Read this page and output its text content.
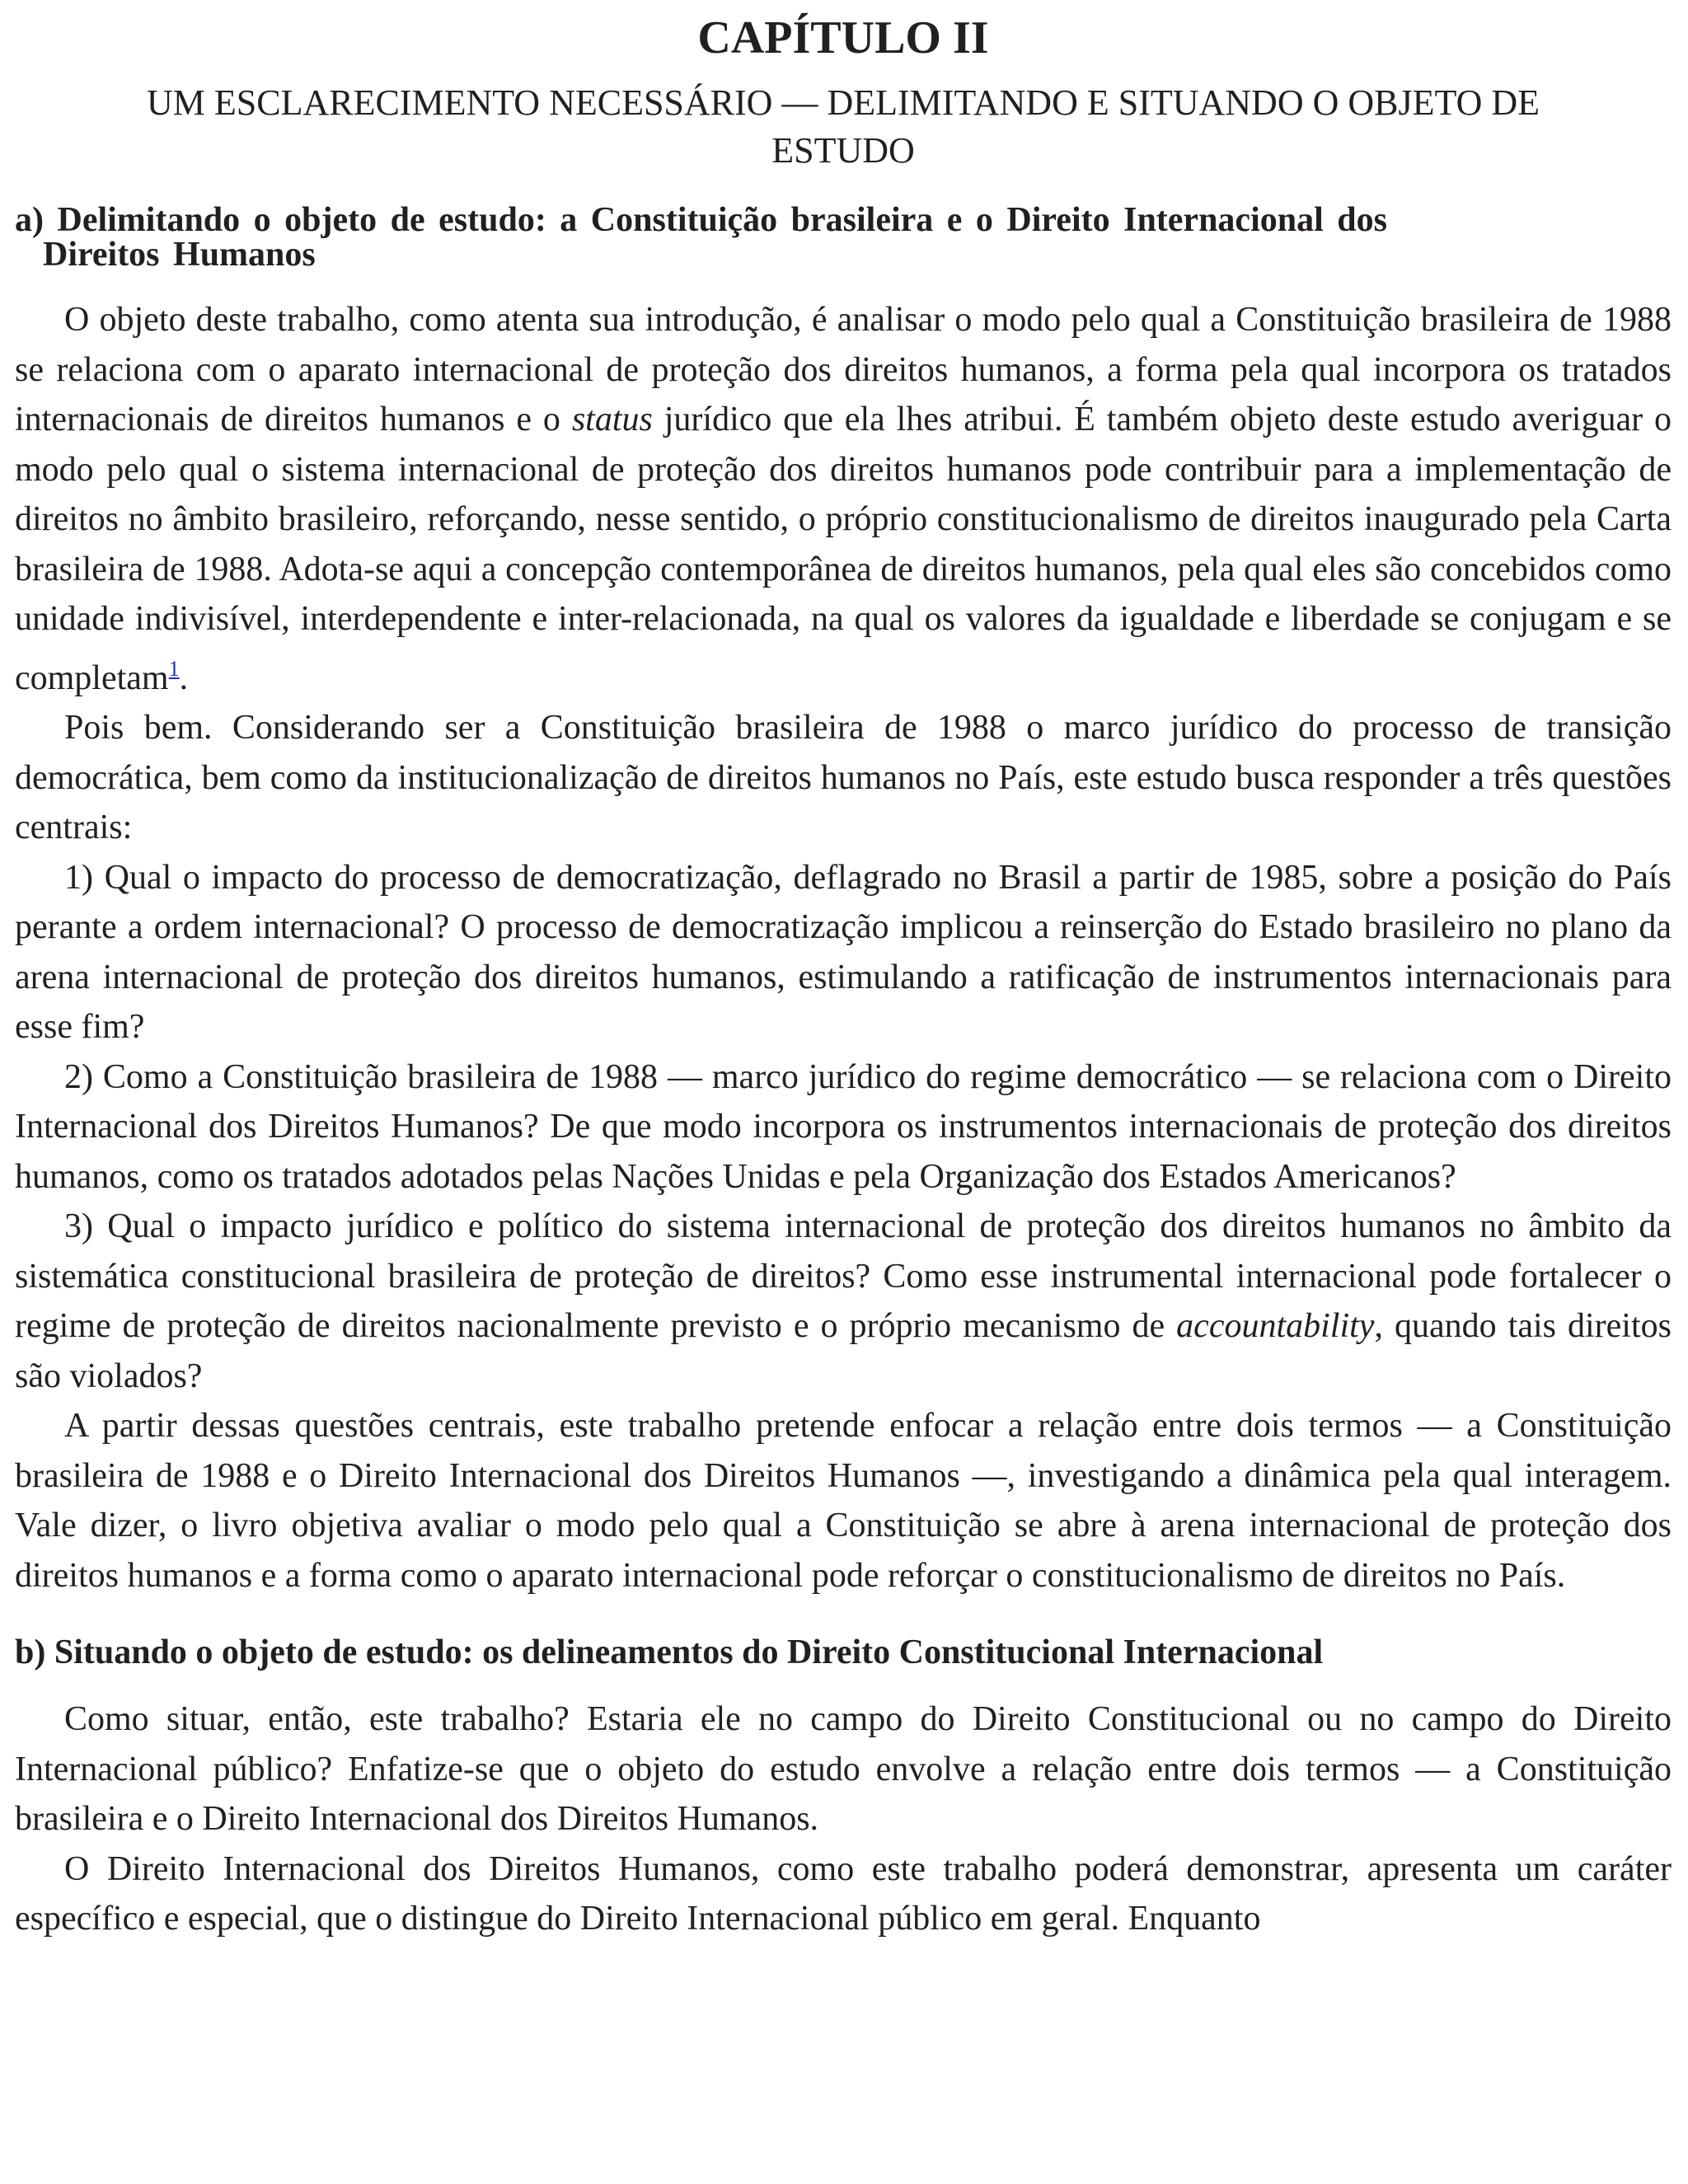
CAPÍTULO II
UM ESCLARECIMENTO NECESSÁRIO — DELIMITANDO E SITUANDO O OBJETO DE ESTUDO
a) Delimitando o objeto de estudo: a Constituição brasileira e o Direito Internacional dos
Direitos Humanos

O objeto deste trabalho, como atenta sua introdução, é analisar o modo pelo qual a Constituição brasileira de 1988 se relaciona com o aparato internacional de proteção dos direitos humanos, a forma pela qual incorpora os tratados internacionais de direitos humanos e o status jurídico que ela lhes atribui. É também objeto deste estudo averiguar o modo pelo qual o sistema internacional de proteção dos direitos humanos pode contribuir para a implementação de direitos no âmbito brasileiro, reforçando, nesse sentido, o próprio constitucionalismo de direitos inaugurado pela Carta brasileira de 1988. Adota-se aqui a concepção contemporânea de direitos humanos, pela qual eles são concebidos como unidade indivisível, interdependente e inter-relacionada, na qual os valores da igualdade e liberdade se conjugam e se completam$^1$.

Pois bem. Considerando ser a Constituição brasileira de 1988 o marco jurídico do processo de transição democrática, bem como da institucionalização de direitos humanos no País, este estudo busca responder a três questões centrais:

1) Qual o impacto do processo de democratização, deflagrado no Brasil a partir de 1985, sobre a posição do País perante a ordem internacional? O processo de democratização implicou a reinserção do Estado brasileiro no plano da arena internacional de proteção dos direitos humanos, estimulando a ratificação de instrumentos internacionais para esse fim?

2) Como a Constituição brasileira de 1988 — marco jurídico do regime democrático — se relaciona com o Direito Internacional dos Direitos Humanos? De que modo incorpora os instrumentos internacionais de proteção dos direitos humanos, como os tratados adotados pelas Nações Unidas e pela Organização dos Estados Americanos?

3) Qual o impacto jurídico e político do sistema internacional de proteção dos direitos humanos no âmbito da sistemática constitucional brasileira de proteção de direitos? Como esse instrumental internacional pode fortalecer o regime de proteção de direitos nacionalmente previsto e o próprio mecanismo de accountability, quando tais direitos são violados?

A partir dessas questões centrais, este trabalho pretende enfocar a relação entre dois termos — a Constituição brasileira de 1988 e o Direito Internacional dos Direitos Humanos —, investigando a dinâmica pela qual interagem. Vale dizer, o livro objetiva avaliar o modo pelo qual a Constituição se abre à arena internacional de proteção dos direitos humanos e a forma como o aparato internacional pode reforçar o constitucionalismo de direitos no País.

b) Situando o objeto de estudo: os delineamentos do Direito Constitucional Internacional

Como situar, então, este trabalho? Estaria ele no campo do Direito Constitucional ou no campo do Direito Internacional público? Enfatize-se que o objeto do estudo envolve a relação entre dois termos — a Constituição brasileira e o Direito Internacional dos Direitos Humanos.

O Direito Internacional dos Direitos Humanos, como este trabalho poderá demonstrar, apresenta um caráter específico e especial, que o distingue do Direito Internacional público em geral. Enquanto
